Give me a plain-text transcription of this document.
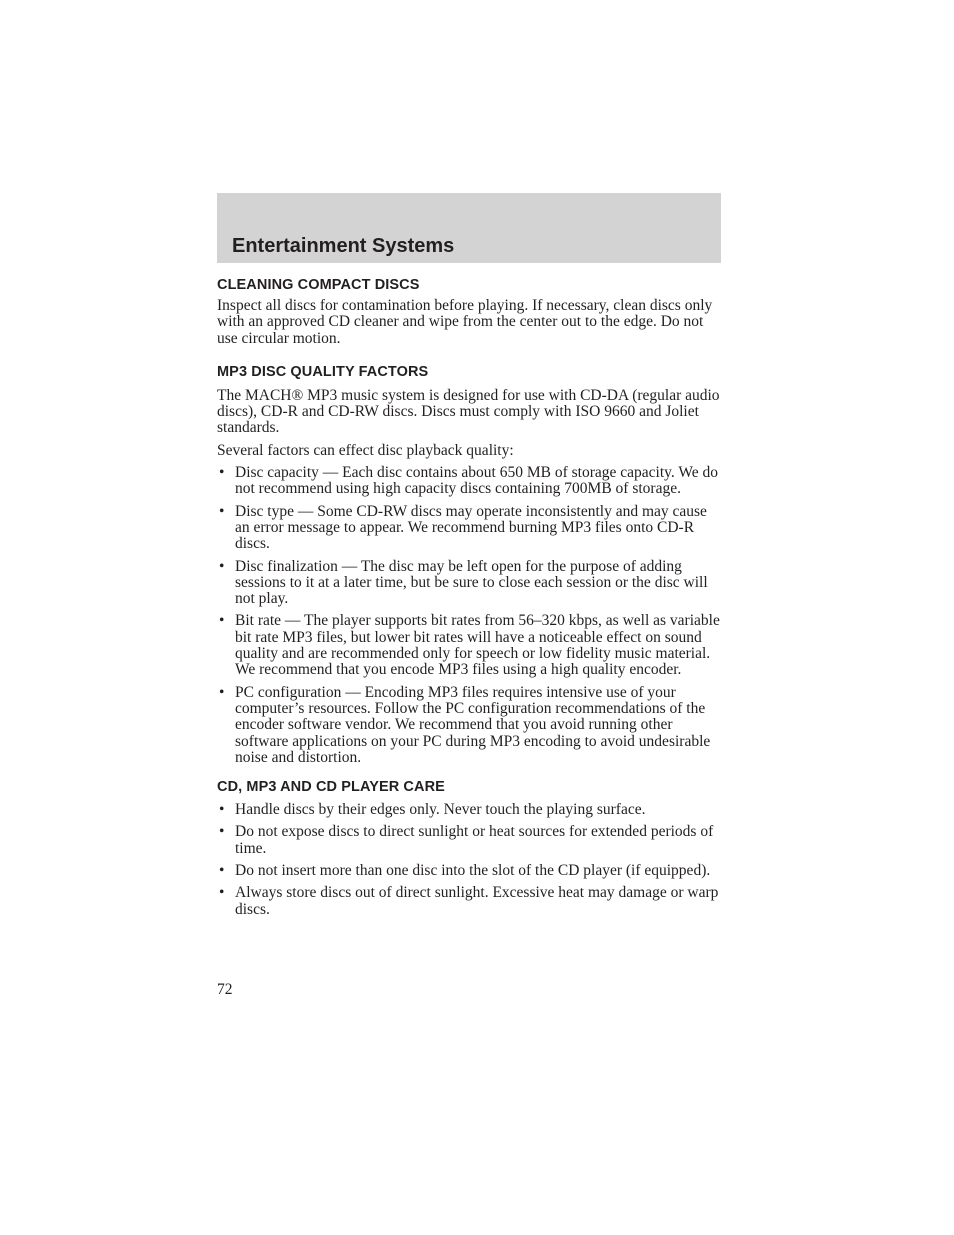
Entertainment Systems
CLEANING COMPACT DISCS

Inspect all discs for contamination before playing. If necessary, clean discs only with an approved CD cleaner and wipe from the center out to the edge. Do not use circular motion.

MP3 DISC QUALITY FACTORS

The MACH® MP3 music system is designed for use with CD-DA (regular audio discs), CD-R and CD-RW discs. Discs must comply with ISO 9660 and Joliet standards.

Several factors can effect disc playback quality:

• Disc capacity — Each disc contains about 650 MB of storage capacity. We do not recommend using high capacity discs containing 700MB of storage.
• Disc type — Some CD-RW discs may operate inconsistently and may cause an error message to appear. We recommend burning MP3 files onto CD-R discs.
• Disc finalization — The disc may be left open for the purpose of adding sessions to it at a later time, but be sure to close each session or the disc will not play.
• Bit rate — The player supports bit rates from 56–320 kbps, as well as variable bit rate MP3 files, but lower bit rates will have a noticeable effect on sound quality and are recommended only for speech or low fidelity music material. We recommend that you encode MP3 files using a high quality encoder.
• PC configuration — Encoding MP3 files requires intensive use of your computer’s resources. Follow the PC configuration recommendations of the encoder software vendor. We recommend that you avoid running other software applications on your PC during MP3 encoding to avoid undesirable noise and distortion.
CD, MP3 AND CD PLAYER CARE
• Handle discs by their edges only. Never touch the playing surface.
• Do not expose discs to direct sunlight or heat sources for extended periods of time.
• Do not insert more than one disc into the slot of the CD player (if equipped).
• Always store discs out of direct sunlight. Excessive heat may damage or warp discs.

72
